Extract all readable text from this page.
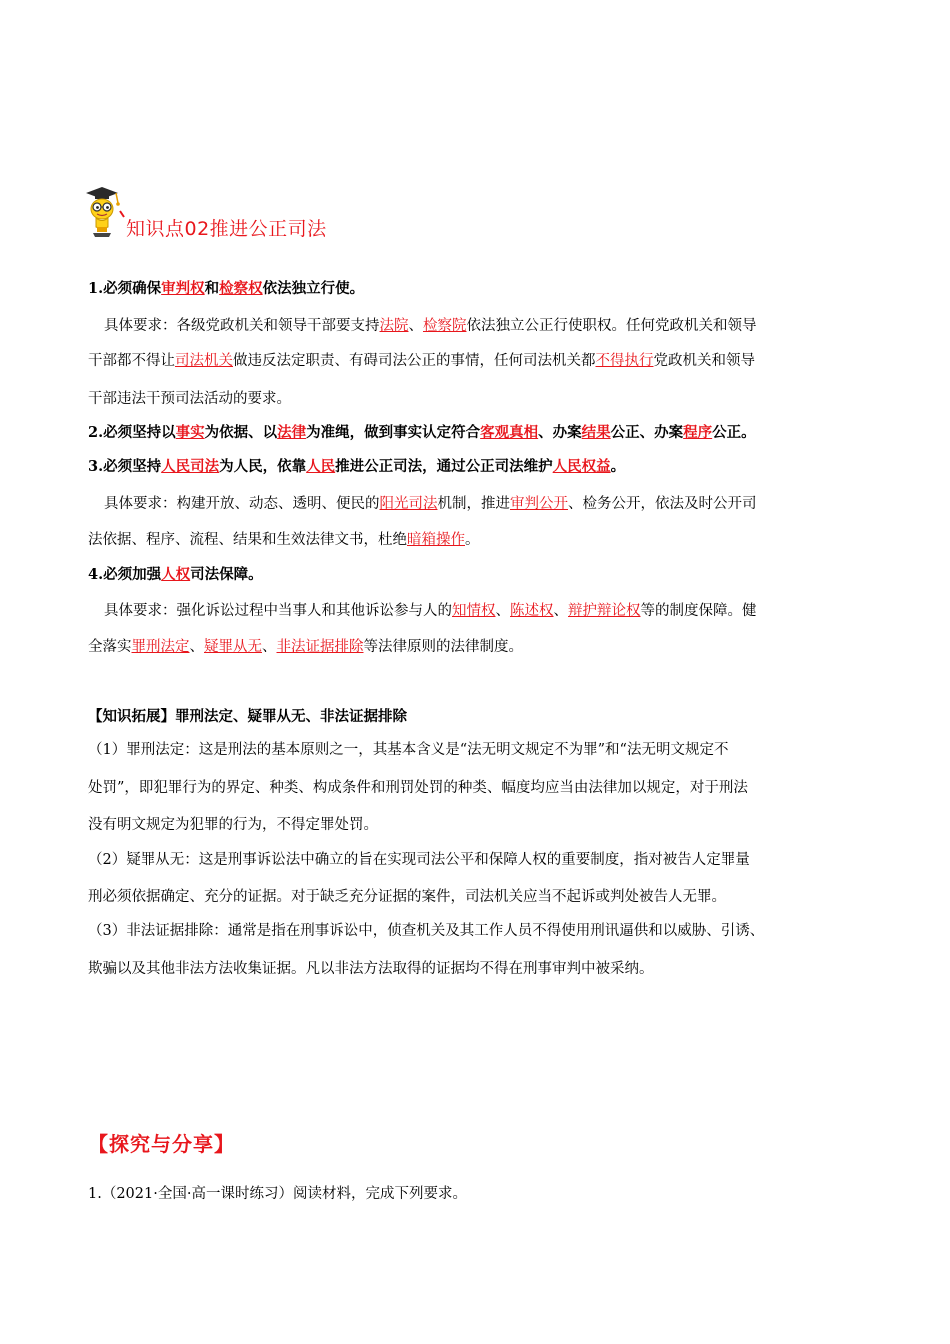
知识点02推进公正司法
1.必须确保审判权和检察权依法独立行使。
具体要求：各级党政机关和领导干部要支持法院、检察院依法独立公正行使职权。任何党政机关和领导
干部都不得让司法机关做违反法定职责、有碍司法公正的事情，任何司法机关都不得执行党政机关和领导
干部违法干预司法活动的要求。
2.必须坚持以事实为依据、以法律为准绳，做到事实认定符合客观真相、办案结果公正、办案程序公正。
3.必须坚持人民司法为人民，依靠人民推进公正司法，通过公正司法维护人民权益。
具体要求：构建开放、动态、透明、便民的阳光司法机制，推进审判公开、检务公开，依法及时公开司
法依据、程序、流程、结果和生效法律文书，杜绝暗箱操作。
4.必须加强人权司法保障。
具体要求：强化诉讼过程中当事人和其他诉讼参与人的知情权、陈述权、辩护辩论权等的制度保障。健
全落实罪刑法定、疑罪从无、非法证据排除等法律原则的法律制度。
【知识拓展】罪刑法定、疑罪从无、非法证据排除
（1）罪刑法定：这是刑法的基本原则之一，其基本含义是“法无明文规定不为罪”和“法无明文规定不
处罚”，即犯罪行为的界定、种类、构成条件和刑罚处罚的种类、幅度均应当由法律加以规定，对于刑法
没有明文规定为犯罪的行为，不得定罪处罚。
（2）疑罪从无：这是刑事诉讼法中确立的旨在实现司法公平和保障人权的重要制度，指对被告人定罪量
刑必须依据确定、充分的证据。对于缺乏充分证据的案件，司法机关应当不起诉或判处被告人无罪。
（3）非法证据排除：通常是指在刑事诉讼中，侦查机关及其工作人员不得使用刑讯逼供和以威胁、引诱、
欺骗以及其他非法方法收集证据。凡以非法方法取得的证据均不得在刑事审判中被采纳。
【探究与分享】
1.（2021·全国·高一课时练习）阅读材料，完成下列要求。
